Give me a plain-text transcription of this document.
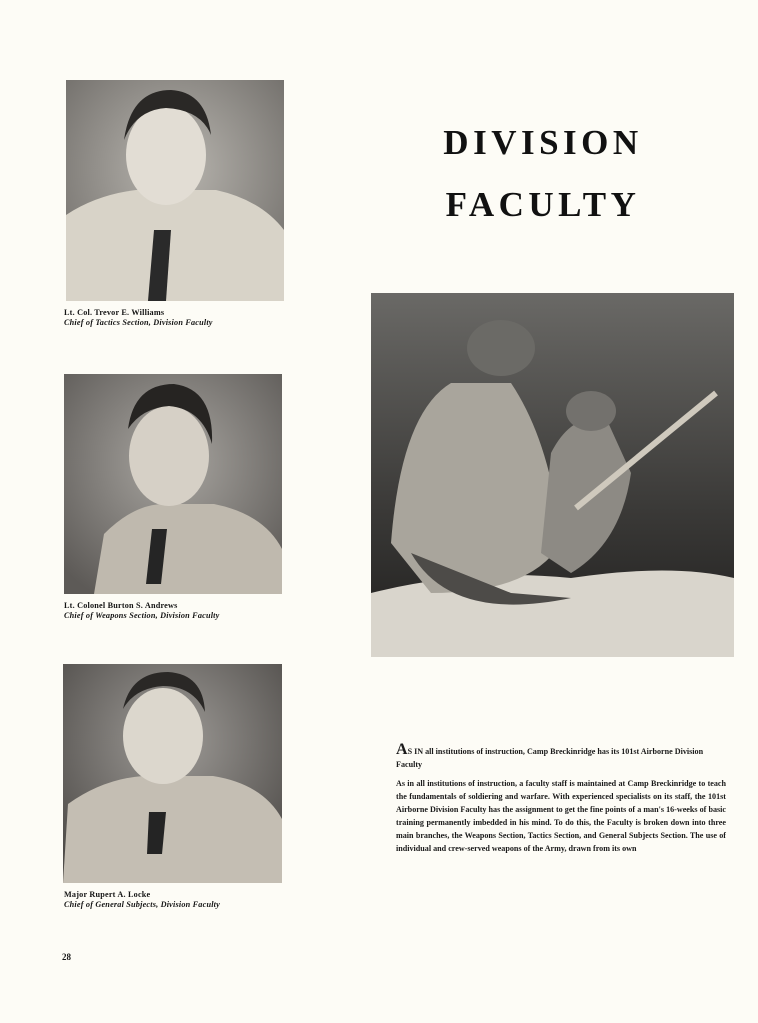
Lt. Col. Trevor E. Williams
Chief of Tactics Section, Division Faculty
Lt. Colonel Burton S. Andrews
Chief of Weapons Section, Division Faculty
Major Rupert A. Locke
Chief of General Subjects, Division Faculty
DIVISION
FACULTY

AS IN all institutions of instruction, Camp Breckinridge has its 101st Airborne Division Faculty

As in all institutions of instruction, a faculty staff is maintained at Camp Breckinridge to teach the fundamentals of soldiering and warfare. With experienced specialists on its staff, the 101st Airborne Division Faculty has the assignment to get the fine points of a man's 16-weeks of basic training permanently imbedded in his mind. To do this, the Faculty is broken down into three main branches, the Weapons Section, Tactics Section, and General Subjects Section. The use of individual and crew-served weapons of the Army, drawn from its own

28
